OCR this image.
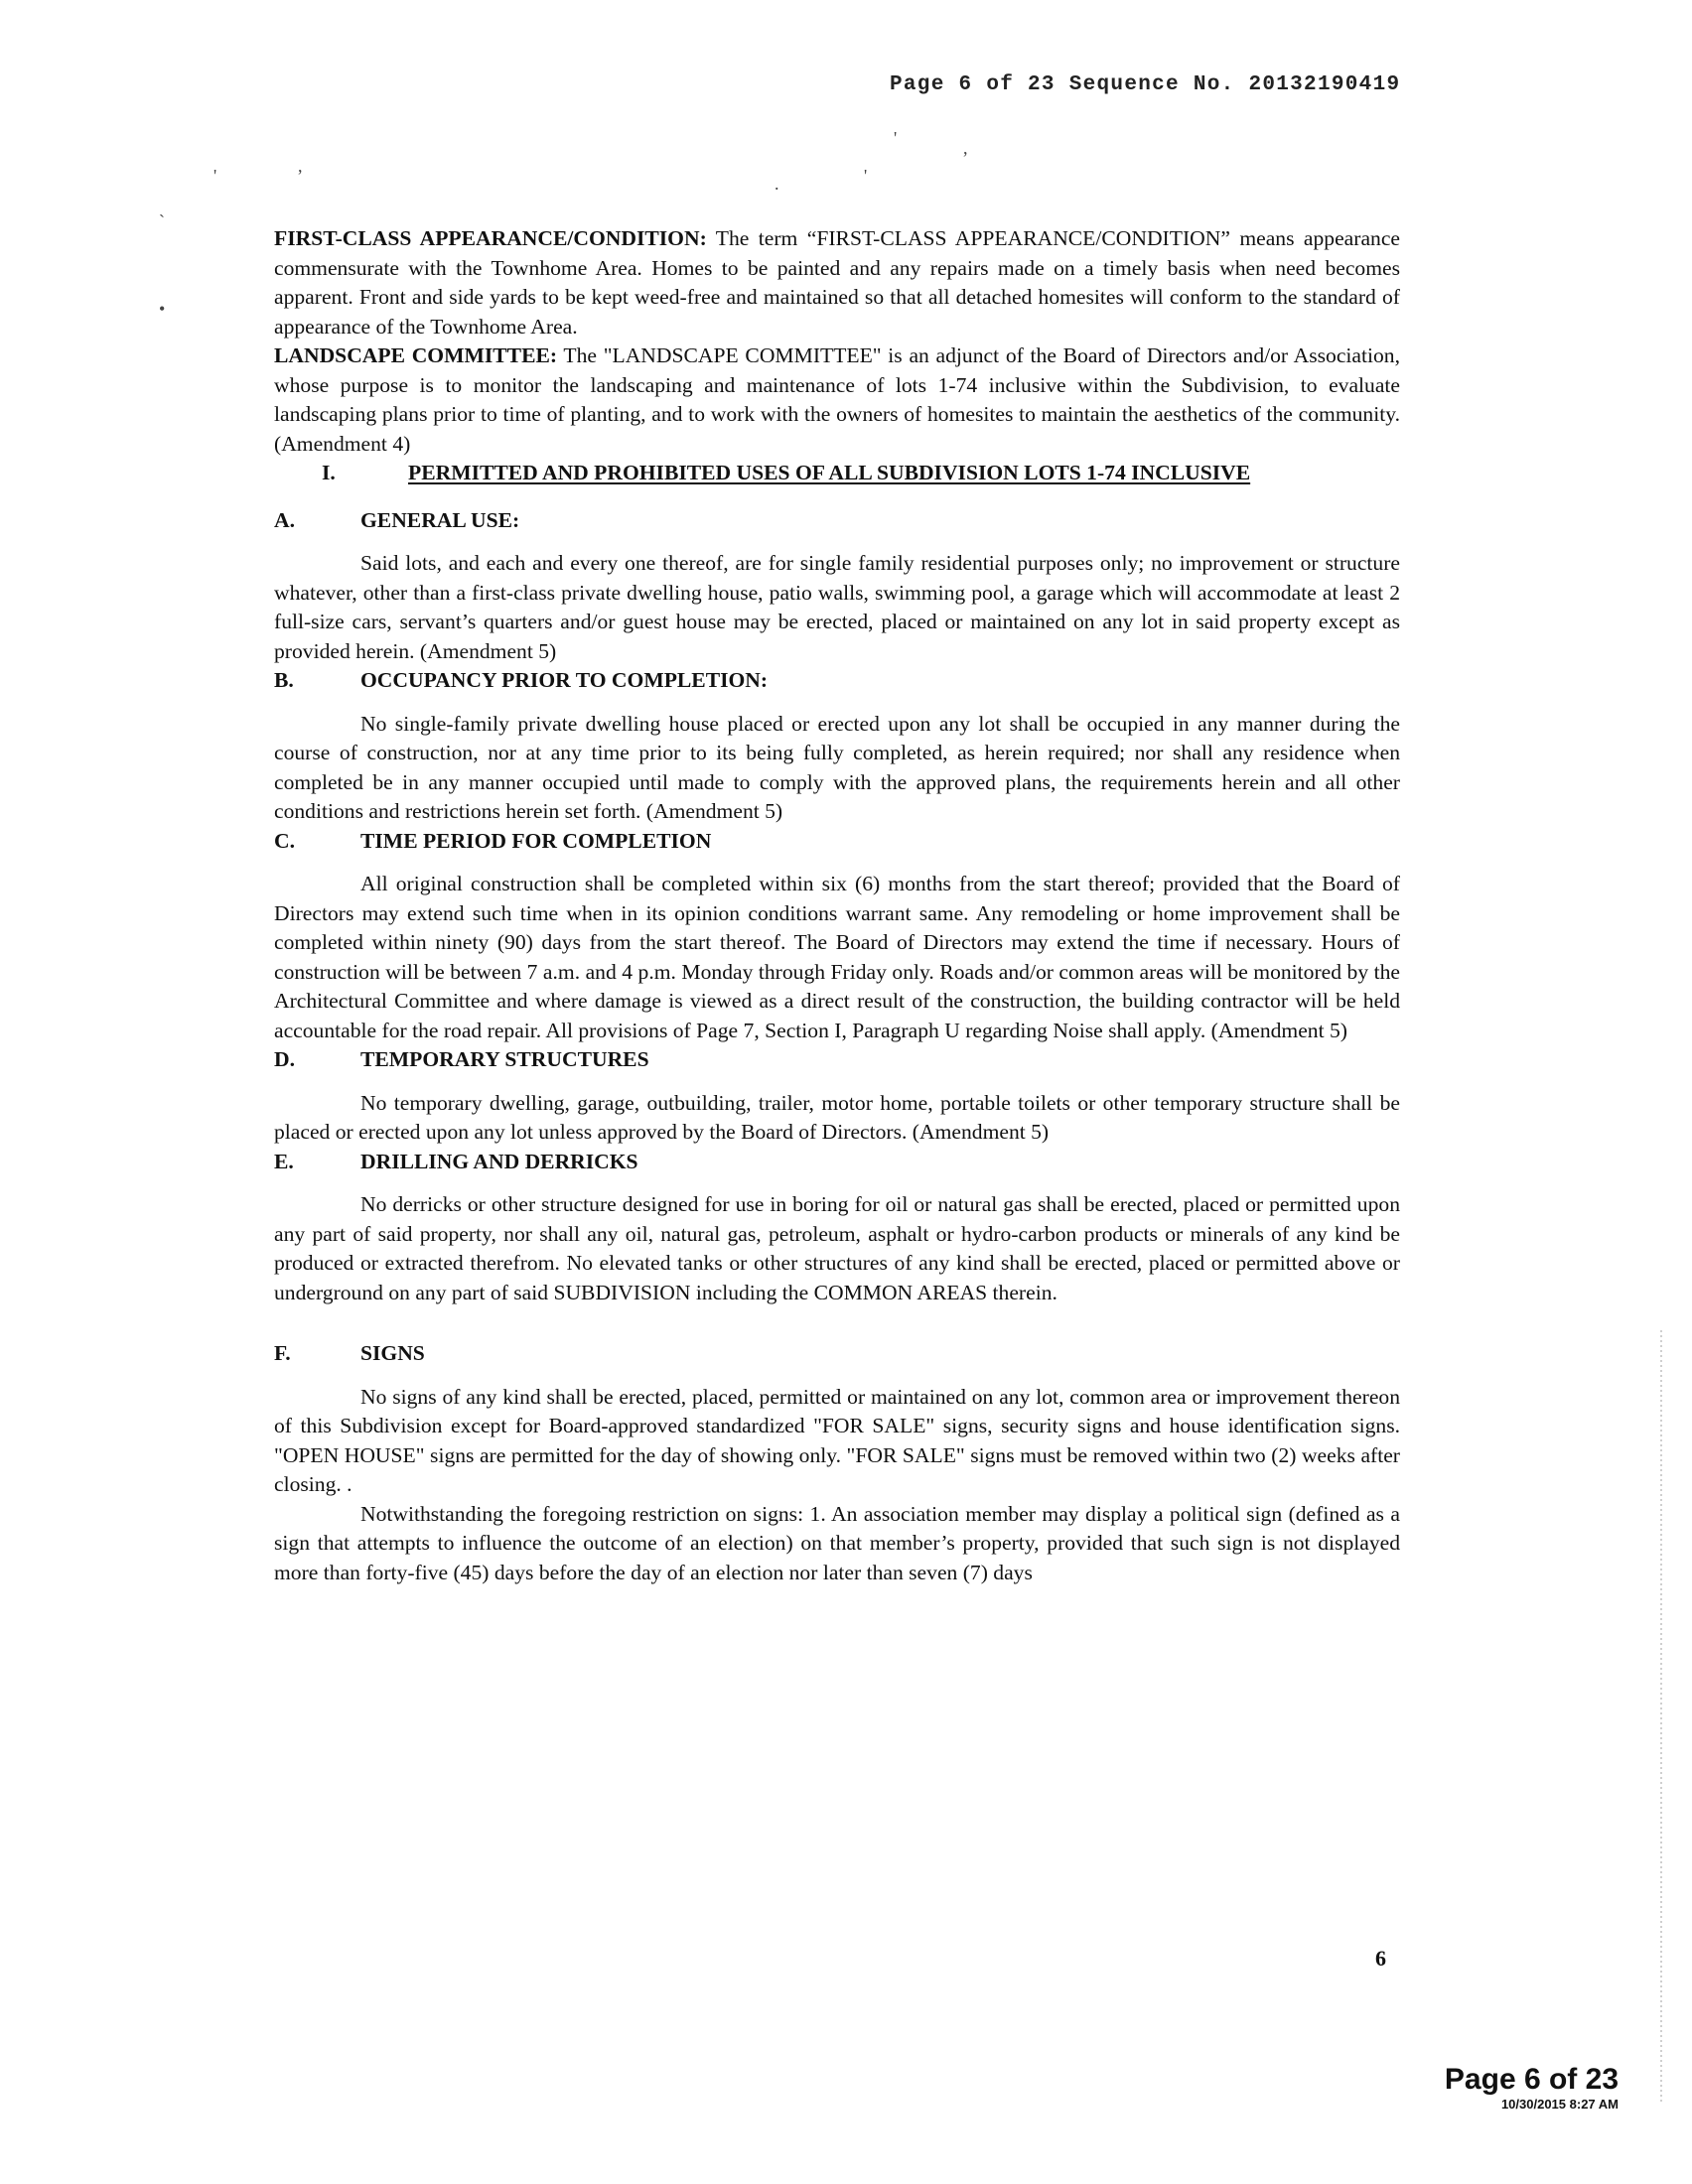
Page 6 of 23 Sequence No. 20132190419
'	,
'	,
.	'
`
•

FIRST-CLASS APPEARANCE/CONDITION: The term “FIRST-CLASS APPEARANCE/CONDITION” means appearance commensurate with the Townhome Area. Homes to be painted and any repairs made on a timely basis when need becomes apparent. Front and side yards to be kept weed-free and maintained so that all detached homesites will conform to the standard of appearance of the Townhome Area.

LANDSCAPE COMMITTEE: The "LANDSCAPE COMMITTEE" is an adjunct of the Board of Directors and/or Association, whose purpose is to monitor the landscaping and maintenance of lots 1-74 inclusive within the Subdivision, to evaluate landscaping plans prior to time of planting, and to work with the owners of homesites to maintain the aesthetics of the community. (Amendment 4)

I.	PERMITTED AND PROHIBITED USES OF ALL SUBDIVISION LOTS 1-74 INCLUSIVE
A.	GENERAL USE:

Said lots, and each and every one thereof, are for single family residential purposes only; no improvement or structure whatever, other than a first-class private dwelling house, patio walls, swimming pool, a garage which will accommodate at least 2 full-size cars, servant’s quarters and/or guest house may be erected, placed or maintained on any lot in said property except as provided herein. (Amendment 5)

B.	OCCUPANCY PRIOR TO COMPLETION:

No single-family private dwelling house placed or erected upon any lot shall be occupied in any manner during the course of construction, nor at any time prior to its being fully completed, as herein required; nor shall any residence when completed be in any manner occupied until made to comply with the approved plans, the requirements herein and all other conditions and restrictions herein set forth. (Amendment 5)

C.	TIME PERIOD FOR COMPLETION

All original construction shall be completed within six (6) months from the start thereof; provided that the Board of Directors may extend such time when in its opinion conditions warrant same. Any remodeling or home improvement shall be completed within ninety (90) days from the start thereof. The Board of Directors may extend the time if necessary. Hours of construction will be between 7 a.m. and 4 p.m. Monday through Friday only. Roads and/or common areas will be monitored by the Architectural Committee and where damage is viewed as a direct result of the construction, the building contractor will be held accountable for the road repair. All provisions of Page 7, Section I, Paragraph U regarding Noise shall apply. (Amendment 5)

D.	TEMPORARY STRUCTURES

No temporary dwelling, garage, outbuilding, trailer, motor home, portable toilets or other temporary structure shall be placed or erected upon any lot unless approved by the Board of Directors. (Amendment 5)

E.	DRILLING AND DERRICKS

No derricks or other structure designed for use in boring for oil or natural gas shall be erected, placed or permitted upon any part of said property, nor shall any oil, natural gas, petroleum, asphalt or hydro-carbon products or minerals of any kind be produced or extracted therefrom. No elevated tanks or other structures of any kind shall be erected, placed or permitted above or underground on any part of said SUBDIVISION including the COMMON AREAS therein.

F.	SIGNS

No signs of any kind shall be erected, placed, permitted or maintained on any lot, common area or improvement thereon of this Subdivision except for Board-approved standardized "FOR SALE" signs, security signs and house identification signs. "OPEN HOUSE" signs are permitted for the day of showing only. "FOR SALE" signs must be removed within two (2) weeks after closing. .

Notwithstanding the foregoing restriction on signs: 1. An association member may display a political sign (defined as a sign that attempts to influence the outcome of an election) on that member’s property, provided that such sign is not displayed more than forty-five (45) days before the day of an election nor later than seven (7) days

6
Page 6 of 23
10/30/2015 8:27 AM
